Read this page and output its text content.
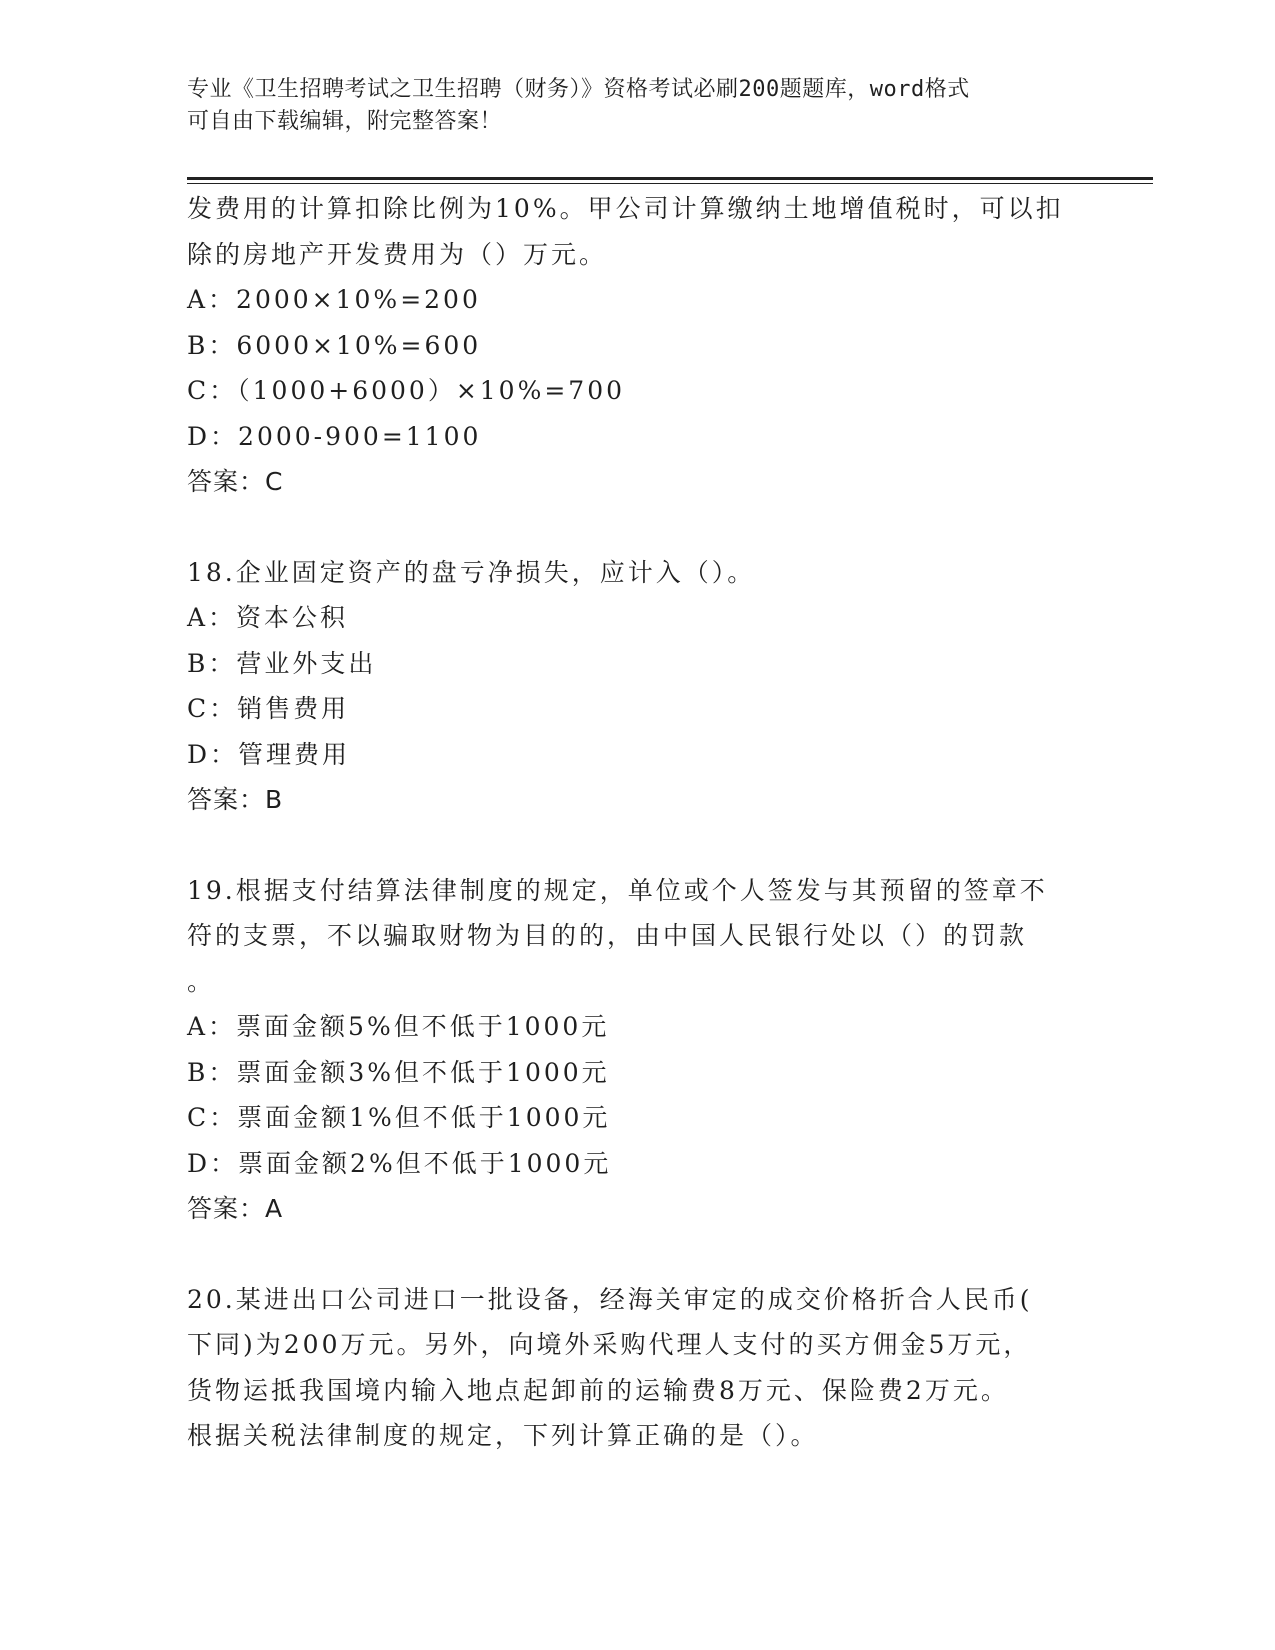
专业《卫生招聘考试之卫生招聘（财务）》资格考试必刷200题题库，word格式
可自由下载编辑，附完整答案！
发费用的计算扣除比例为10%。甲公司计算缴纳土地增值税时，可以扣
除的房地产开发费用为（）万元。
A：2000×10%=200
B：6000×10%=600
C：（1000+6000）×10%=700
D：2000-900=1100
答案：C
18.企业固定资产的盘亏净损失，应计入（）。
A：资本公积
B：营业外支出
C：销售费用
D：管理费用
答案：B
19.根据支付结算法律制度的规定，单位或个人签发与其预留的签章不
符的支票，不以骗取财物为目的的，由中国人民银行处以（）的罚款
。
A：票面金额5%但不低于1000元
B：票面金额3%但不低于1000元
C：票面金额1%但不低于1000元
D：票面金额2%但不低于1000元
答案：A
20.某进出口公司进口一批设备，经海关审定的成交价格折合人民币(
下同)为200万元。另外，向境外采购代理人支付的买方佣金5万元，
货物运抵我国境内输入地点起卸前的运输费8万元、保险费2万元。
根据关税法律制度的规定，下列计算正确的是（）。
